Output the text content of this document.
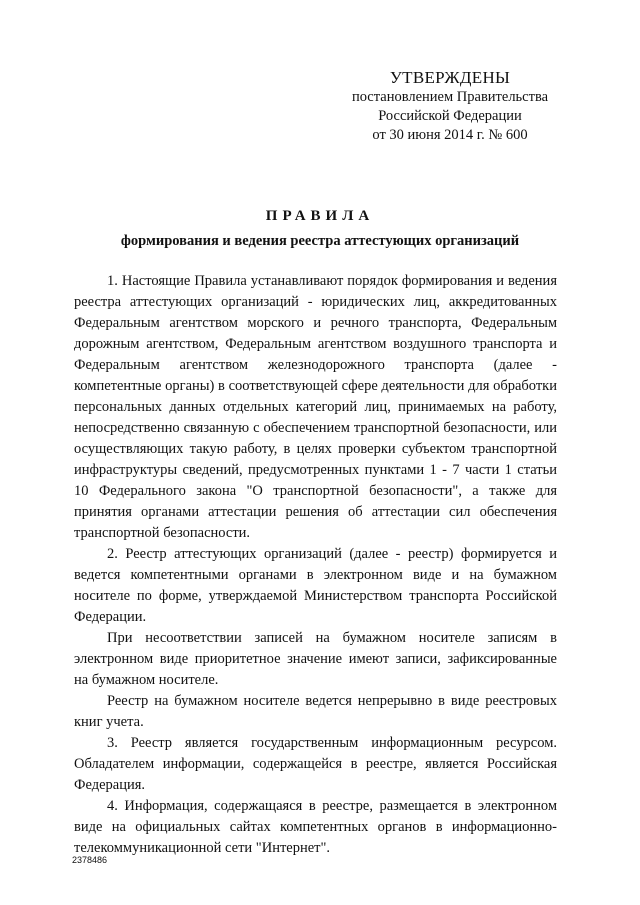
УТВЕРЖДЕНЫ
постановлением Правительства
Российской Федерации
от 30 июня 2014 г. № 600
ПРАВИЛА
формирования и ведения реестра аттестующих организаций

1. Настоящие Правила устанавливают порядок формирования и ведения реестра аттестующих организаций - юридических лиц, аккредитованных Федеральным агентством морского и речного транспорта, Федеральным дорожным агентством, Федеральным агентством воздушного транспорта и Федеральным агентством железнодорожного транспорта (далее - компетентные органы) в соответствующей сфере деятельности для обработки персональных данных отдельных категорий лиц, принимаемых на работу, непосредственно связанную с обеспечением транспортной безопасности, или осуществляющих такую работу, в целях проверки субъектом транспортной инфраструктуры сведений, предусмотренных пунктами 1 - 7 части 1 статьи 10 Федерального закона "О транспортной безопасности", а также для принятия органами аттестации решения об аттестации сил обеспечения транспортной безопасности.

2. Реестр аттестующих организаций (далее - реестр) формируется и ведется компетентными органами в электронном виде и на бумажном носителе по форме, утверждаемой Министерством транспорта Российской Федерации.

При несоответствии записей на бумажном носителе записям в электронном виде приоритетное значение имеют записи, зафиксированные на бумажном носителе.

Реестр на бумажном носителе ведется непрерывно в виде реестровых книг учета.

3. Реестр является государственным информационным ресурсом. Обладателем информации, содержащейся в реестре, является Российская Федерация.

4. Информация, содержащаяся в реестре, размещается в электронном виде на официальных сайтах компетентных органов в информационно-телекоммуникационной сети "Интернет".

2378486
